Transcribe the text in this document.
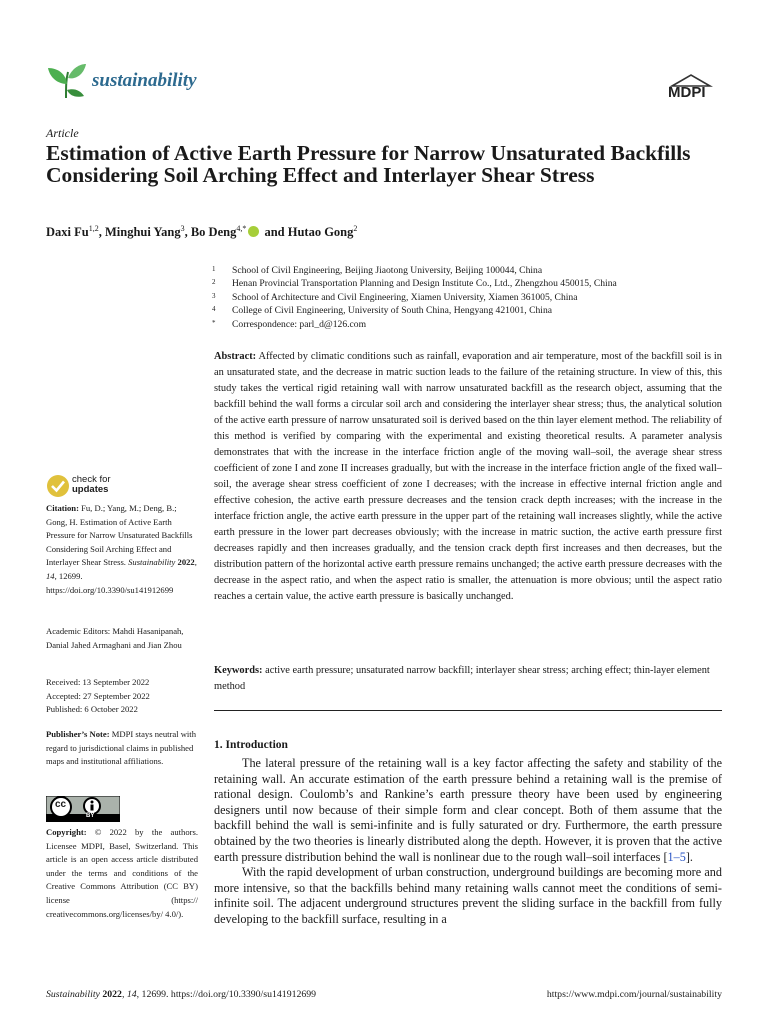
sustainability
MDPI
Article
Estimation of Active Earth Pressure for Narrow Unsaturated Backfills Considering Soil Arching Effect and Interlayer Shear Stress
Daxi Fu$^{1,2}$, Minghui Yang$^3$, Bo Deng$^{4,*}$ and Hutao Gong$^2$
1	School of Civil Engineering, Beijing Jiaotong University, Beijing 100044, China
2	Henan Provincial Transportation Planning and Design Institute Co., Ltd., Zhengzhou 450015, China
3	School of Architecture and Civil Engineering, Xiamen University, Xiamen 361005, China
4	College of Civil Engineering, University of South China, Hengyang 421001, China
*	Correspondence: parl_d@126.com
Abstract: Affected by climatic conditions such as rainfall, evaporation and air temperature, most of the backfill soil is in an unsaturated state, and the decrease in matric suction leads to the failure of the retaining structure. In view of this, this study takes the vertical rigid retaining wall with narrow unsaturated backfill as the research object, assuming that the backfill behind the wall forms a circular soil arch and considering the interlayer shear stress; thus, the analytical solution of the active earth pressure of narrow unsaturated soil is derived based on the thin layer element method. The reliability of this method is verified by comparing with the experimental and existing theoretical results. A parameter analysis demonstrates that with the increase in the interface friction angle of the moving wall–soil, the average shear stress coefficient of zone I and zone II increases gradually, but with the increase in the interface friction angle of the fixed wall–soil, the average shear stress coefficient of zone I decreases; with the increase in effective internal friction angle and effective cohesion, the active earth pressure decreases and the tension crack depth increases; with the increase in the interface friction angle, the active earth pressure in the upper part of the retaining wall increases slightly, while the active earth pressure in the lower part decreases obviously; with the increase in matric suction, the active earth pressure first decreases rapidly and then increases gradually, and the tension crack depth first increases and then decreases, but the distribution pattern of the horizontal active earth pressure remains unchanged; the active earth pressure decreases with the decrease in the aspect ratio, and when the aspect ratio is smaller, the attenuation is more obvious; until the aspect ratio reaches a certain value, the active earth pressure is basically unchanged.
Keywords: active earth pressure; unsaturated narrow backfill; interlayer shear stress; arching effect; thin-layer element method
1. Introduction

The lateral pressure of the retaining wall is a key factor affecting the safety and stability of the retaining wall. An accurate estimation of the earth pressure behind a retaining wall is the premise of rational design. Coulomb’s and Rankine’s earth pressure theory have been used by engineering designers until now because of their simple form and clear concept. Both of them assume that the backfill behind the wall is semi-infinite and is fully saturated or dry. Furthermore, the earth pressure obtained by the two theories is linearly distributed along the depth. However, it is proven that the active earth pressure distribution behind the wall is nonlinear due to the rough wall–soil interfaces [1–5].

With the rapid development of urban construction, underground buildings are becoming more and more intensive, so that the backfills behind many retaining walls cannot meet the conditions of semi-infinite soil. The adjacent underground structures prevent the sliding surface in the backfill from fully developing to the backfill surface, resulting in a

check for
updates
Citation: Fu, D.; Yang, M.; Deng, B.; Gong, H. Estimation of Active Earth Pressure for Narrow Unsaturated Backfills Considering Soil Arching Effect and Interlayer Shear Stress. Sustainability 2022, 14, 12699. https://doi.org/10.3390/su141912699
Academic Editors: Mahdi Hasanipanah, Danial Jahed Armaghani and Jian Zhou
Received: 13 September 2022
Accepted: 27 September 2022
Published: 6 October 2022
Publisher’s Note: MDPI stays neutral with regard to jurisdictional claims in published maps and institutional affiliations.
BY
cc
Copyright: © 2022 by the authors. Licensee MDPI, Basel, Switzerland. This article is an open access article distributed under the terms and conditions of the Creative Commons Attribution (CC BY) license (https:// creativecommons.org/licenses/by/ 4.0/).
Sustainability 2022, 14, 12699. https://doi.org/10.3390/su141912699	https://www.mdpi.com/journal/sustainability
